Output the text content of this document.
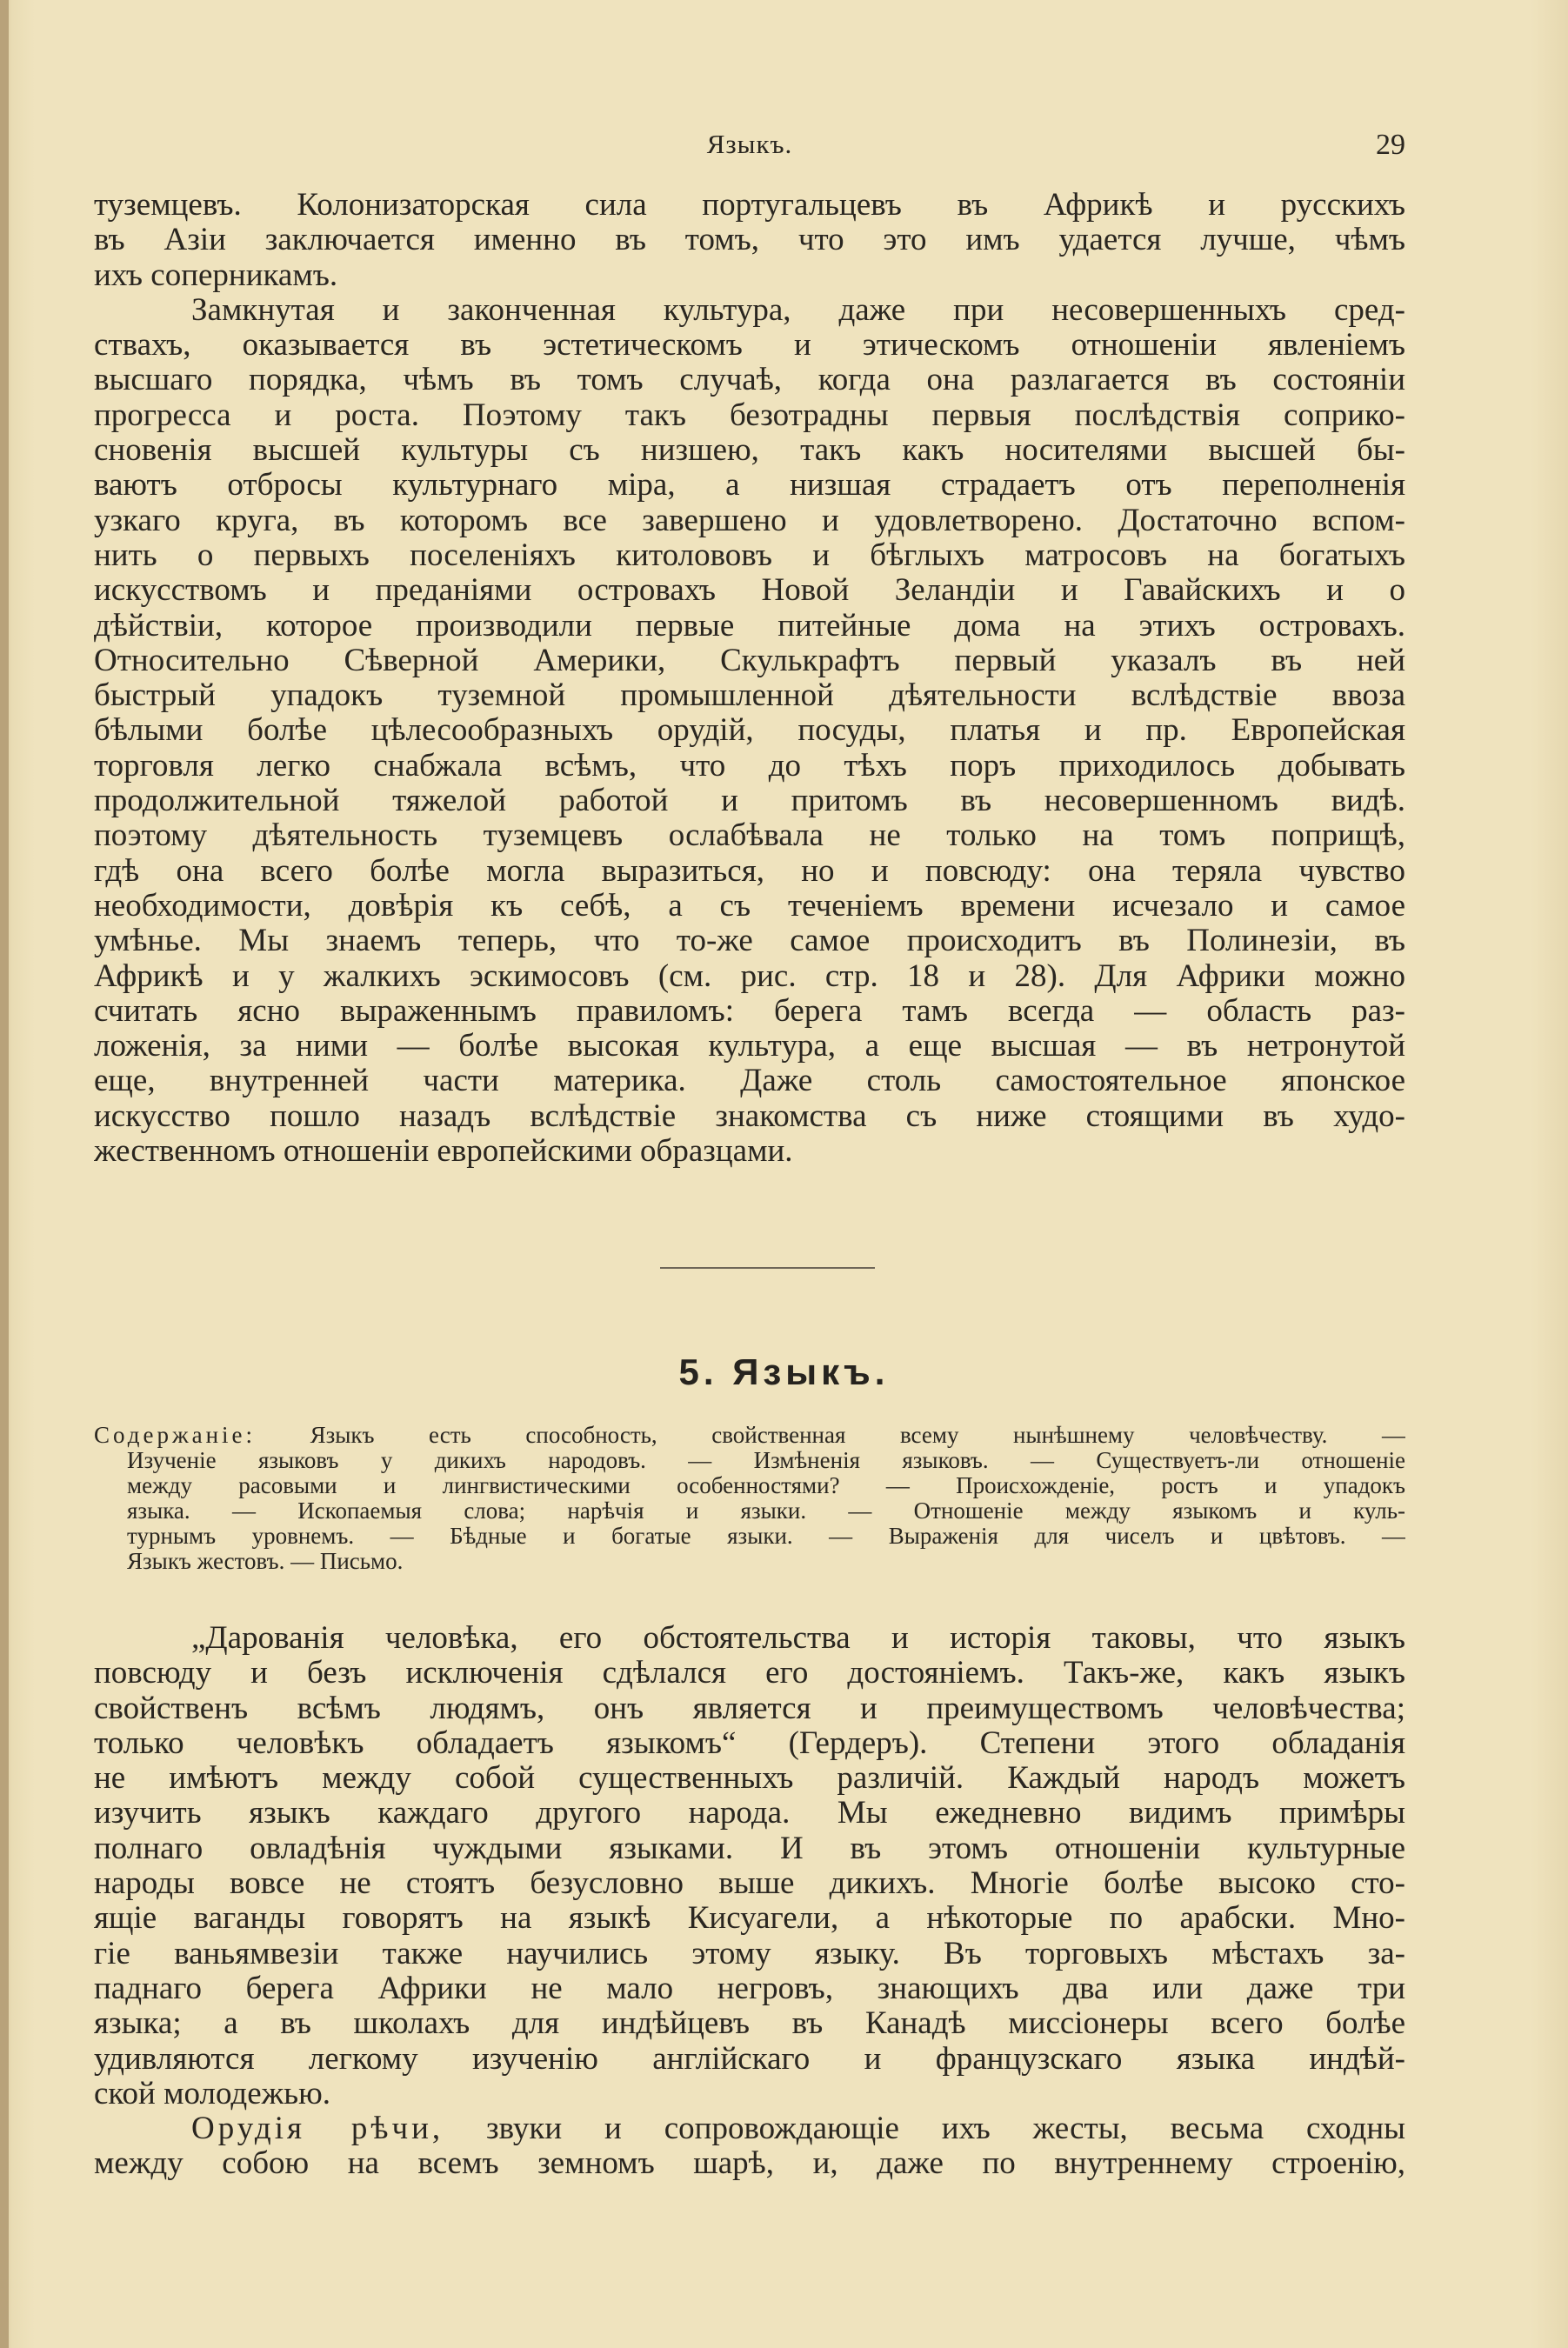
Языкъ.	29
туземцевъ. Колонизаторская сила португальцевъ въ Африкѣ и русскихъ
въ Азіи заключается именно въ томъ, что это имъ удается лучше, чѣмъ
ихъ соперникамъ.
Замкнутая и законченная культура, даже при несовершенныхъ сред-
ствахъ, оказывается въ эстетическомъ и этическомъ отношеніи явленіемъ
высшаго порядка, чѣмъ въ томъ случаѣ, когда она разлагается въ состояніи
прогресса и роста. Поэтому такъ безотрадны первыя послѣдствія соприко-
сновенія высшей культуры съ низшею, такъ какъ носителями высшей бы-
ваютъ отбросы культурнаго міра, а низшая страдаетъ отъ переполненія
узкаго круга, въ которомъ все завершено и удовлетворено. Достаточно вспом-
нить о первыхъ поселеніяхъ китолововъ и бѣглыхъ матросовъ на богатыхъ
искусствомъ и преданіями островахъ Новой Зеландіи и Гавайскихъ и о
дѣйствіи, которое производили первые питейные дома на этихъ островахъ.
Относительно Сѣверной Америки, Скулькрафтъ первый указалъ въ ней
быстрый упадокъ туземной промышленной дѣятельности вслѣдствіе ввоза
бѣлыми болѣе цѣлесообразныхъ орудій, посуды, платья и пр. Европейская
торговля легко снабжала всѣмъ, что до тѣхъ поръ приходилось добывать
продолжительной тяжелой работой и притомъ въ несовершенномъ видѣ.
поэтому дѣятельность туземцевъ ослабѣвала не только на томъ поприщѣ,
гдѣ она всего болѣе могла выразиться, но и повсюду: она теряла чувство
необходимости, довѣрія къ себѣ, а съ теченіемъ времени исчезало и самое
умѣнье. Мы знаемъ теперь, что то-же самое происходитъ въ Полинезіи, въ
Африкѣ и у жалкихъ эскимосовъ (см. рис. стр. 18 и 28). Для Африки можно
считать ясно выраженнымъ правиломъ: берега тамъ всегда — область раз-
ложенія, за ними — болѣе высокая культура, а еще высшая — въ нетронутой
еще, внутренней части материка. Даже столь самостоятельное японское
искусство пошло назадъ вслѣдствіе знакомства съ ниже стоящими въ худо-
жественномъ отношеніи европейскими образцами.
5. Языкъ.
Содержаніе: Языкъ есть способность, свойственная всему нынѣшнему человѣчеству. —
Изученіе языковъ у дикихъ народовъ. — Измѣненія языковъ. — Существуетъ-ли отношеніе
между расовыми и лингвистическими особенностями? — Происхожденіе, ростъ и упадокъ
языка. — Ископаемыя слова; нарѣчія и языки. — Отношеніе между языкомъ и куль-
турнымъ уровнемъ. — Бѣдные и богатые языки. — Выраженія для чиселъ и цвѣтовъ. —
Языкъ жестовъ. — Письмо.
„Дарованія человѣка, его обстоятельства и исторія таковы, что языкъ
повсюду и безъ исключенія сдѣлался его достояніемъ. Такъ-же, какъ языкъ
свойственъ всѣмъ людямъ, онъ является и преимуществомъ человѣчества;
только человѣкъ обладаетъ языкомъ“ (Гердеръ). Степени этого обладанія
не имѣютъ между собой существенныхъ различій. Каждый народъ можетъ
изучить языкъ каждаго другого народа. Мы ежедневно видимъ примѣры
полнаго овладѣнія чуждыми языками. И въ этомъ отношеніи культурные
народы вовсе не стоятъ безусловно выше дикихъ. Многіе болѣе высоко сто-
ящіе ваганды говорятъ на языкѣ Кисуагели, а нѣкоторые по арабски. Мно-
гіе ваньямвезіи также научились этому языку. Въ торговыхъ мѣстахъ за-
паднаго берега Африки не мало негровъ, знающихъ два или даже три
языка; а въ школахъ для индѣйцевъ въ Канадѣ миссіонеры всего болѣе
удивляются легкому изученію англійскаго и французскаго языка индѣй-
ской молодежью.
Орудія рѣчи, звуки и сопровождающіе ихъ жесты, весьма сходны
между собою на всемъ земномъ шарѣ, и, даже по внутреннему строенію,
